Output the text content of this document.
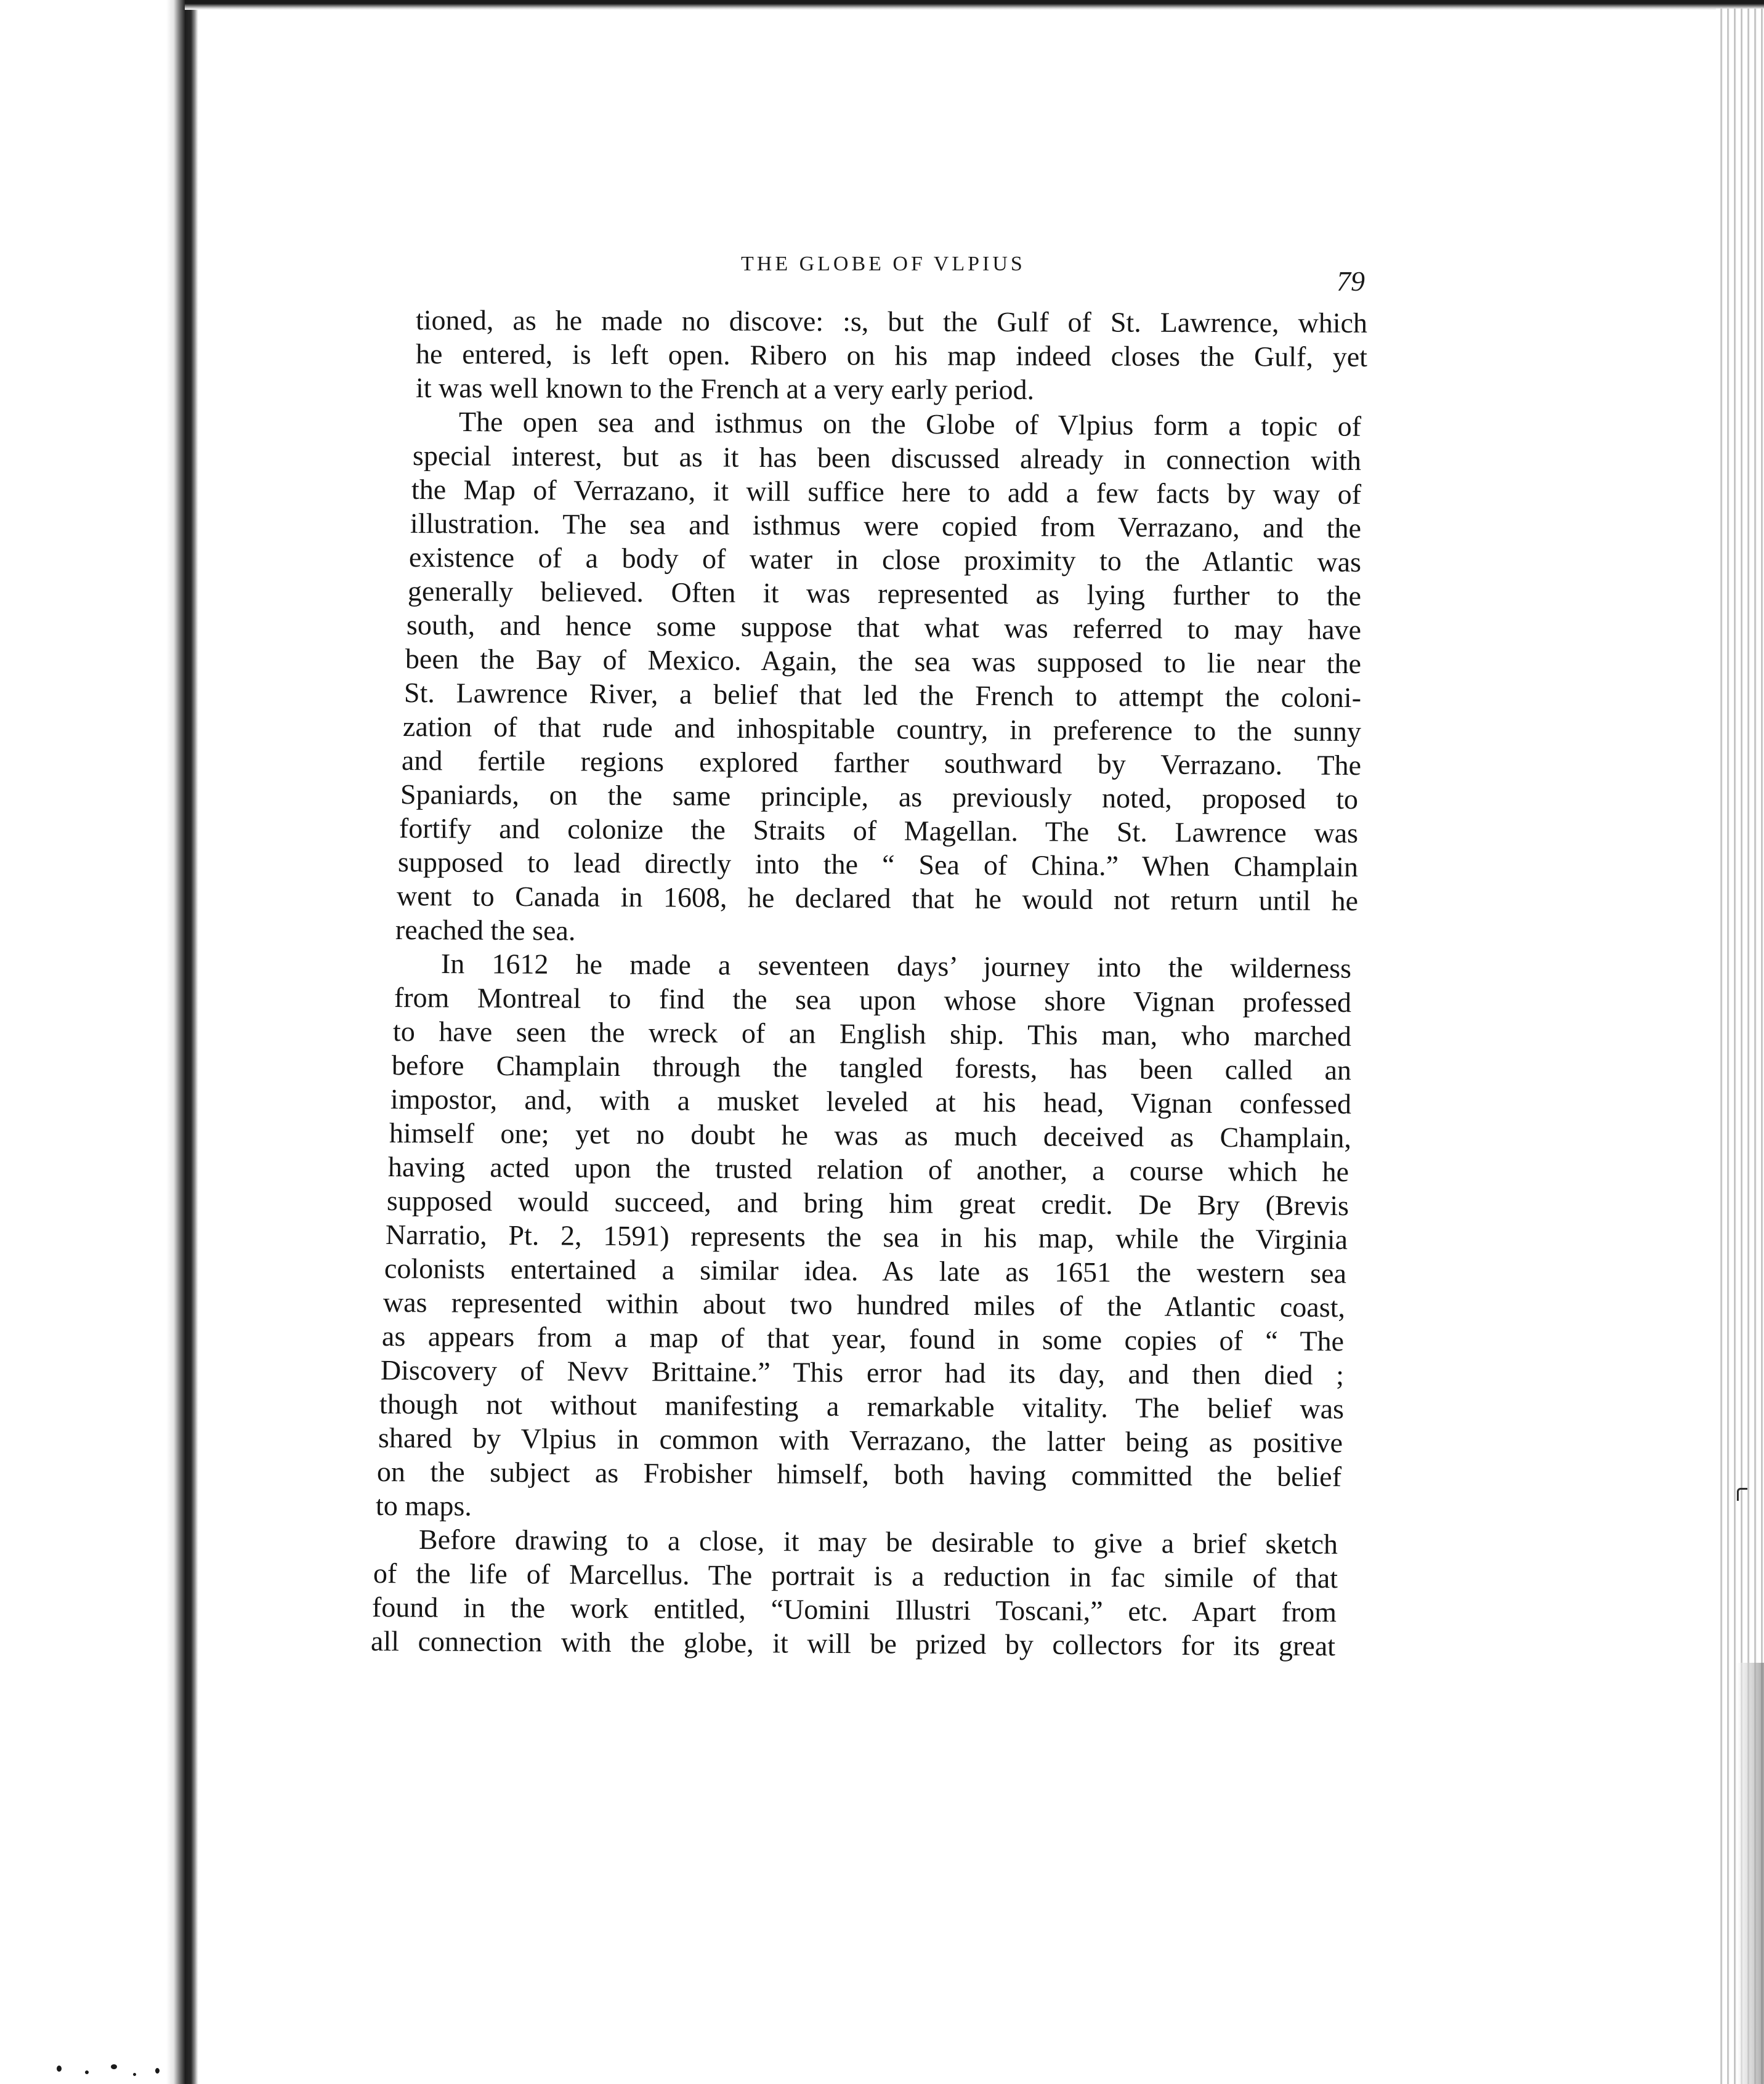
THE GLOBE OF VLPIUS
79
tioned, as he made no discove: :s, but the Gulf of St. Lawrence, which
he entered, is left open. Ribero on his map indeed closes the Gulf, yet
it was well known to the French at a very early period.
The open sea and isthmus on the Globe of Vlpius form a topic of
special interest, but as it has been discussed already in connection with
the Map of Verrazano, it will suffice here to add a few facts by way of
illustration. The sea and isthmus were copied from Verrazano, and the
existence of a body of water in close proximity to the Atlantic was
generally believed. Often it was represented as lying further to the
south, and hence some suppose that what was referred to may have
been the Bay of Mexico. Again, the sea was supposed to lie near the
St. Lawrence River, a belief that led the French to attempt the coloni-
zation of that rude and inhospitable country, in preference to the sunny
and fertile regions explored farther southward by Verrazano. The
Spaniards, on the same principle, as previously noted, proposed to
fortify and colonize the Straits of Magellan. The St. Lawrence was
supposed to lead directly into the “ Sea of China.” When Champlain
went to Canada in 1608, he declared that he would not return until he
reached the sea.
In 1612 he made a seventeen days’ journey into the wilderness
from Montreal to find the sea upon whose shore Vignan professed
to have seen the wreck of an English ship. This man, who marched
before Champlain through the tangled forests, has been called an
impostor, and, with a musket leveled at his head, Vignan confessed
himself one; yet no doubt he was as much deceived as Champlain,
having acted upon the trusted relation of another, a course which he
supposed would succeed, and bring him great credit. De Bry (Brevis
Narratio, Pt. 2, 1591) represents the sea in his map, while the Virginia
colonists entertained a similar idea. As late as 1651 the western sea
was represented within about two hundred miles of the Atlantic coast,
as appears from a map of that year, found in some copies of “ The
Discovery of Nevv Brittaine.” This error had its day, and then died ;
though not without manifesting a remarkable vitality. The belief was
shared by Vlpius in common with Verrazano, the latter being as positive
on the subject as Frobisher himself, both having committed the belief
to maps.
Before drawing to a close, it may be desirable to give a brief sketch
of the life of Marcellus. The portrait is a reduction in fac simile of that
found in the work entitled, “Uomini Illustri Toscani,” etc. Apart from
all connection with the globe, it will be prized by collectors for its great
